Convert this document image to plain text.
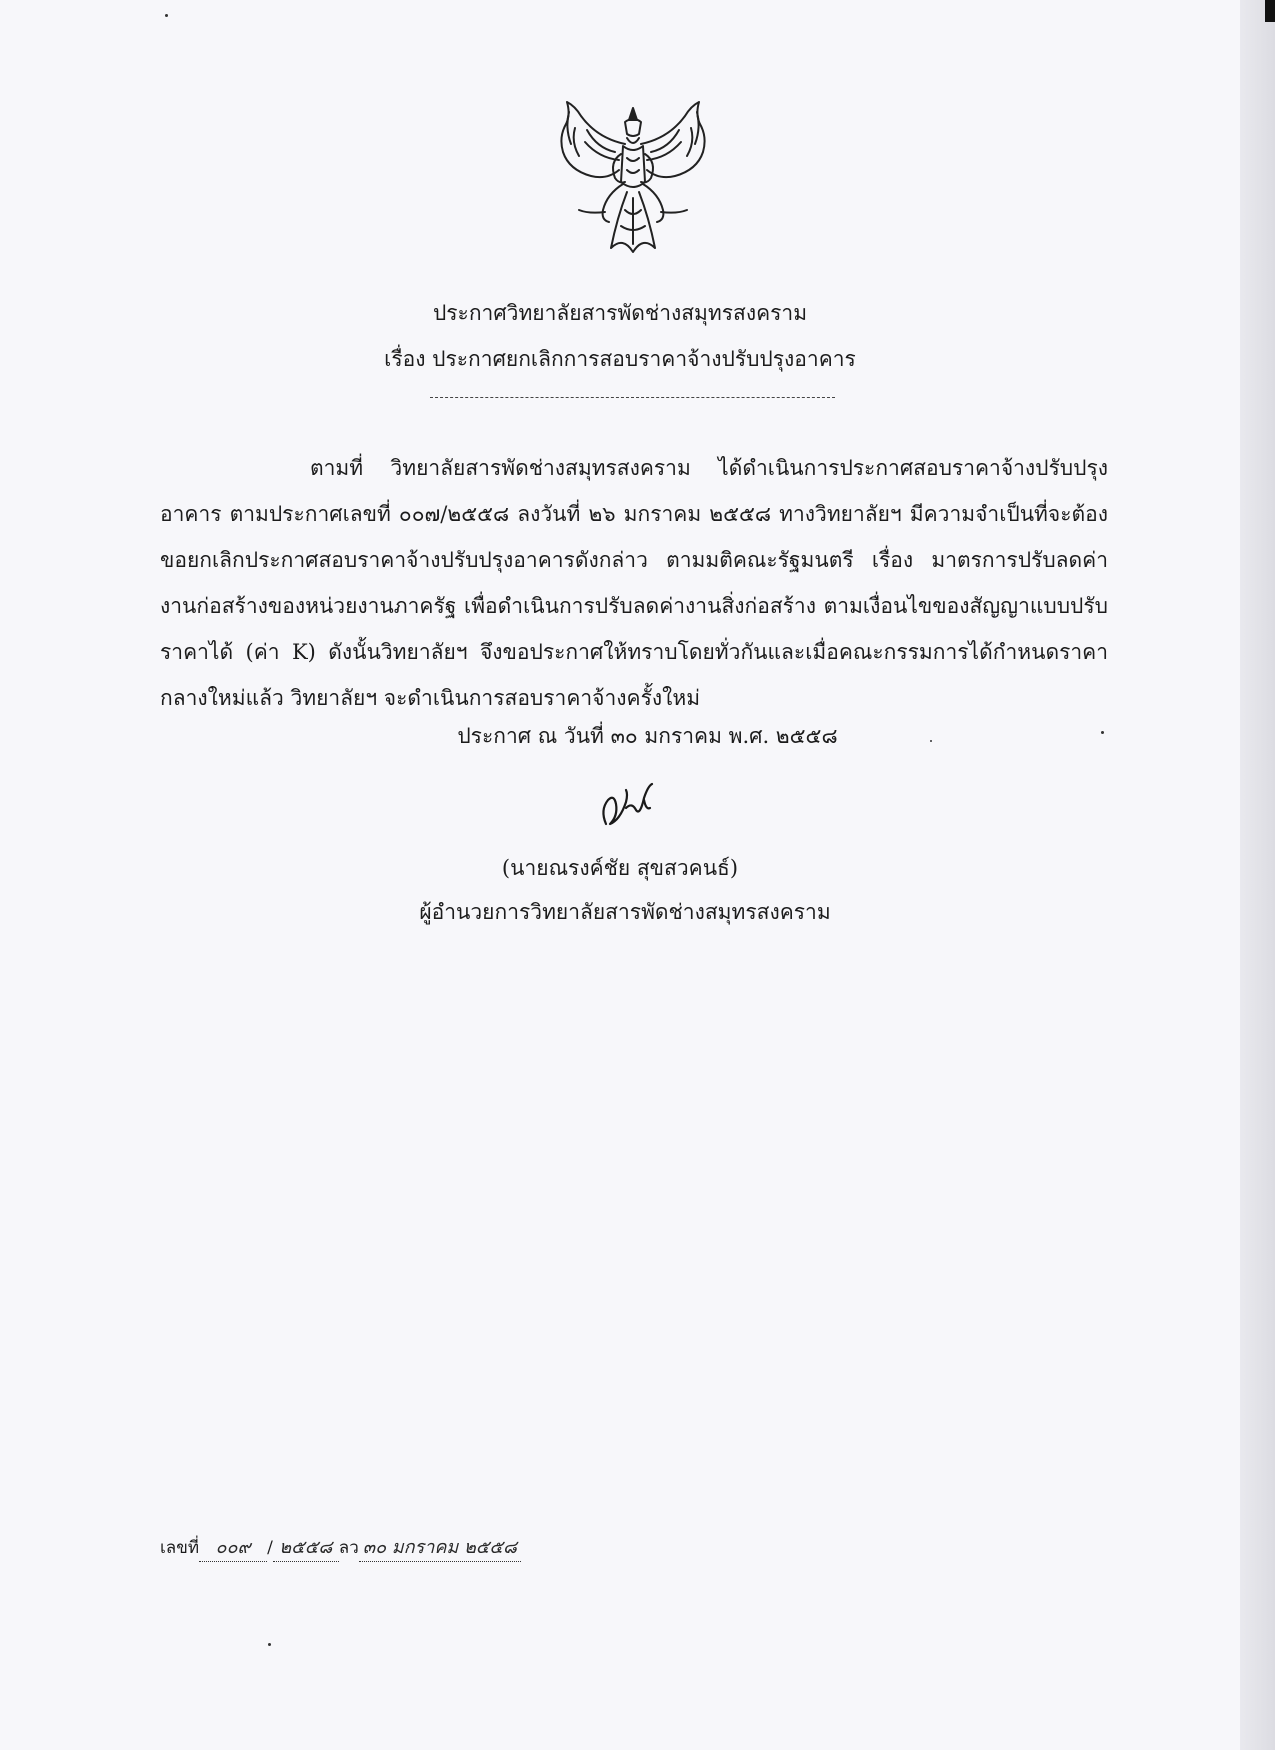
ประกาศวิทยาลัยสารพัดช่างสมุทรสงคราม
เรื่อง ประกาศยกเลิกการสอบราคาจ้างปรับปรุงอาคาร
ตามที่ วิทยาลัยสารพัดช่างสมุทรสงคราม ได้ดำเนินการประกาศสอบราคาจ้างปรับปรุงอาคาร ตามประกาศเลขที่ ๐๐๗/๒๕๕๘ ลงวันที่ ๒๖ มกราคม ๒๕๕๘ ทางวิทยาลัยฯ มีความจำเป็นที่จะต้องขอยกเลิกประกาศสอบราคาจ้างปรับปรุงอาคารดังกล่าว ตามมติคณะรัฐมนตรี เรื่อง มาตรการปรับลดค่างานก่อสร้างของหน่วยงานภาครัฐ เพื่อดำเนินการปรับลดค่างานสิ่งก่อสร้าง ตามเงื่อนไขของสัญญาแบบปรับราคาได้ (ค่า K) ดังนั้นวิทยาลัยฯ จึงขอประกาศให้ทราบโดยทั่วกันและเมื่อคณะกรรมการได้กำหนดราคากลางใหม่แล้ว วิทยาลัยฯ จะดำเนินการสอบราคาจ้างครั้งใหม่
ประกาศ ณ วันที่ ๓๐ มกราคม พ.ศ. ๒๕๕๘
(นายณรงค์ชัย สุขสวคนธ์)
ผู้อำนวยการวิทยาลัยสารพัดช่างสมุทรสงคราม
เลขที่ ๐๐๙ / ๒๕๕๘ ลว ๓๐ มกราคม ๒๕๕๘
